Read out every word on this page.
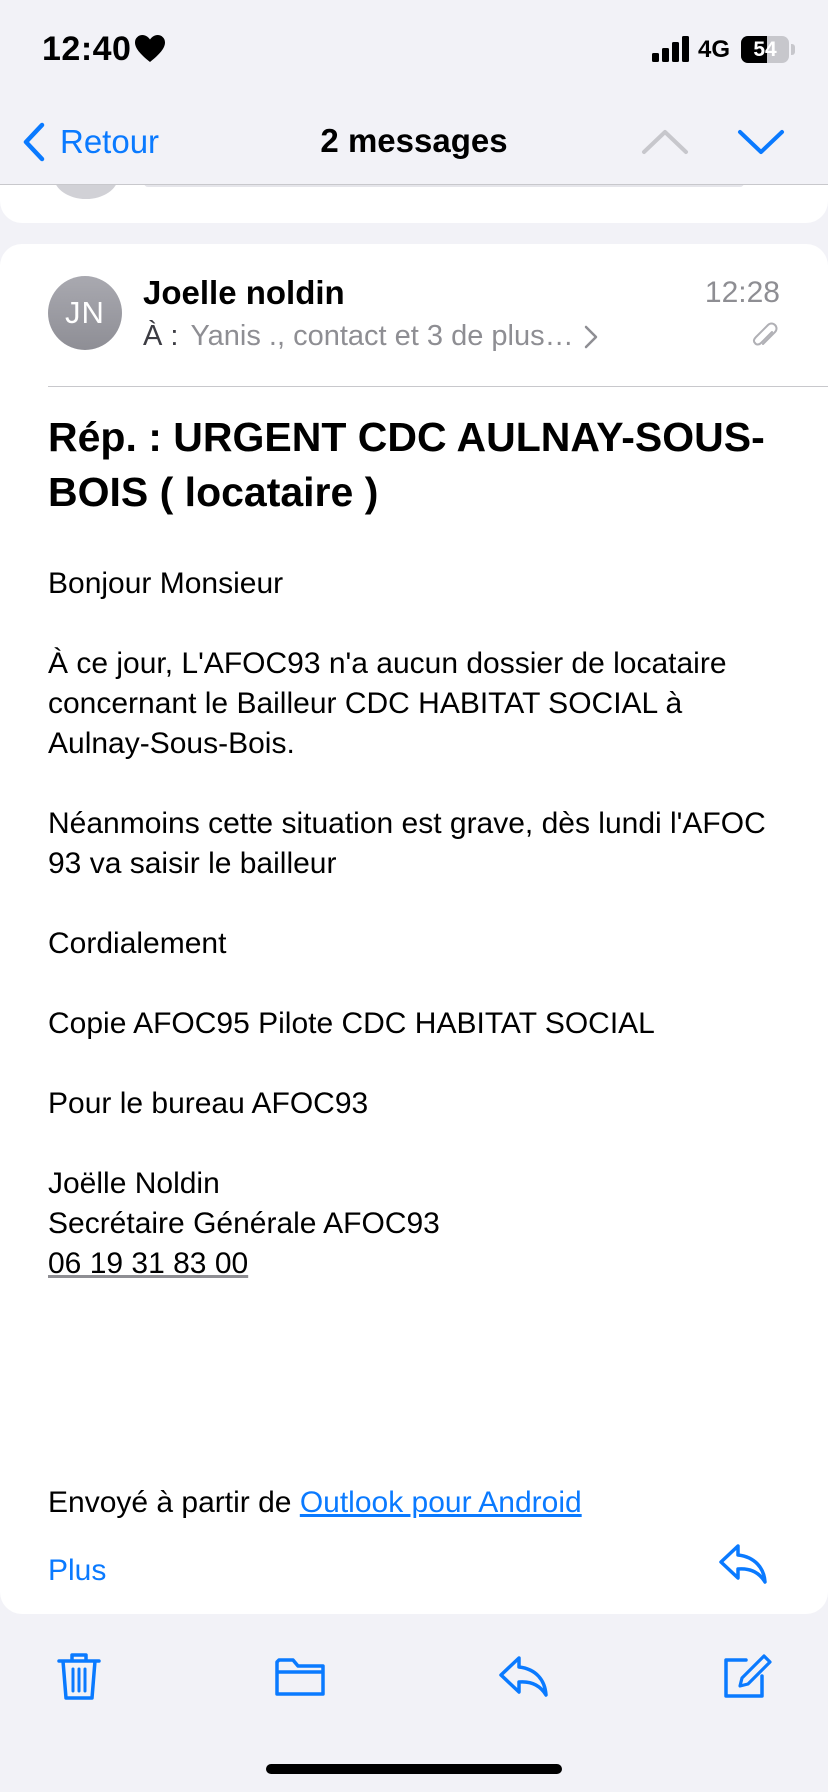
12:40	4G	54
Retour	2 messages
JN
Joelle noldin	12:28
À : Yanis ., contact et 3 de plus…
Rép. : URGENT CDC AULNAY-SOUS-BOIS ( locataire )

Bonjour Monsieur

À ce jour, L'AFOC93 n'a aucun dossier de locataire concernant le Bailleur CDC HABITAT SOCIAL à Aulnay-Sous-Bois.

Néanmoins cette situation est grave, dès lundi l'AFOC 93 va saisir le bailleur

Cordialement

Copie AFOC95 Pilote CDC HABITAT SOCIAL

Pour le bureau AFOC93

Joëlle Noldin
Secrétaire Générale AFOC93
06 19 31 83 00
Envoyé à partir de Outlook pour Android
Plus
